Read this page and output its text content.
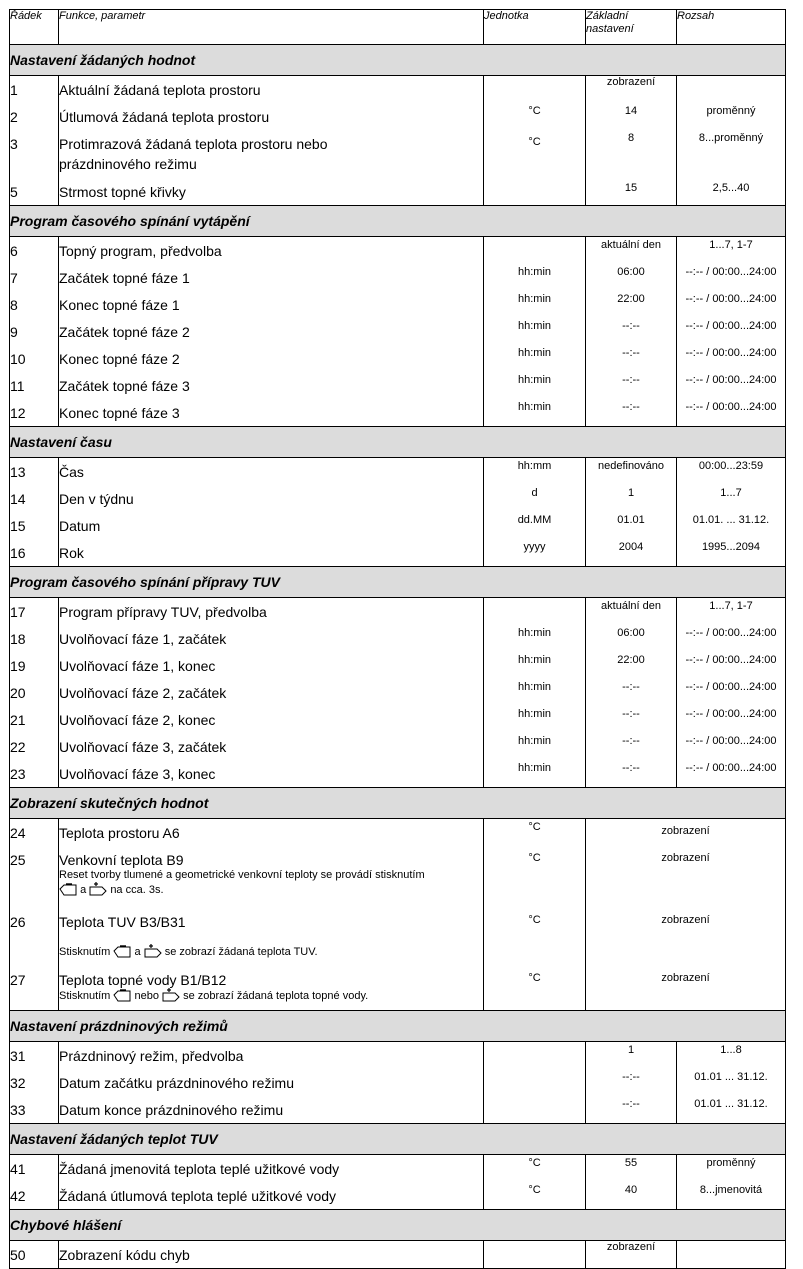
Řádek	Funkce, parametr	Jednotka	Základní nastavení	Rozsah
Nastavení žádaných hodnot				
1	Aktuální žádaná teplota prostoru		zobrazení	
2	Útlumová žádaná teplota prostoru	°C	14	proměnný
3	Protimrazová žádaná teplota prostoru nebo
prázdninového režimu	°C	8	8...proměnný
5	Strmost topné křivky		15	2,5...40
Program časového spínání vytápění				
6	Topný program, předvolba		aktuální den	1...7, 1-7
7	Začátek topné fáze 1	hh:min	06:00	--:-- / 00:00...24:00
8	Konec topné fáze 1	hh:min	22:00	--:-- / 00:00...24:00
9	Začátek topné fáze 2	hh:min	--:--	--:-- / 00:00...24:00
10	Konec topné fáze 2	hh:min	--:--	--:-- / 00:00...24:00
11	Začátek topné fáze 3	hh:min	--:--	--:-- / 00:00...24:00
12	Konec topné fáze 3	hh:min	--:--	--:-- / 00:00...24:00
Nastavení času				
13	Čas	hh:mm	nedefinováno	00:00...23:59
14	Den v týdnu	d	1	1...7
15	Datum	dd.MM	01.01	01.01. ... 31.12.
16	Rok	yyyy	2004	1995...2094
Program časového spínání přípravy TUV				
17	Program přípravy TUV, předvolba		aktuální den	1...7, 1-7
18	Uvolňovací fáze 1, začátek	hh:min	06:00	--:-- / 00:00...24:00
19	Uvolňovací fáze 1, konec	hh:min	22:00	--:-- / 00:00...24:00
20	Uvolňovací fáze 2, začátek	hh:min	--:--	--:-- / 00:00...24:00
21	Uvolňovací fáze 2, konec	hh:min	--:--	--:-- / 00:00...24:00
22	Uvolňovací fáze 3, začátek	hh:min	--:--	--:-- / 00:00...24:00
23	Uvolňovací fáze 3, konec	hh:min	--:--	--:-- / 00:00...24:00
Zobrazení skutečných hodnot				
24	Teplota prostoru A6	°C	zobrazení	
25	Venkovní teplota B9
Reset tvorby tlumené a geometrické venkovní teploty se provádí stisknutím
a na cca. 3s.	°C	zobrazení	
26	Teplota TUV B3/B31
Stisknutím a se zobrazí žádaná teplota TUV.	°C	zobrazení	
27	Teplota topné vody B1/B12
Stisknutím nebo se zobrazí žádaná teplota topné vody.	°C	zobrazení	
Nastavení prázdninových režimů				
31	Prázdninový režim, předvolba		1	1...8
32	Datum začátku prázdninového režimu		--:--	01.01 ... 31.12.
33	Datum konce prázdninového režimu		--:--	01.01 ... 31.12.
Nastavení žádaných teplot TUV				
41	Žádaná jmenovitá teplota teplé užitkové vody	°C	55	proměnný
42	Žádaná útlumová teplota teplé užitkové vody	°C	40	8...jmenovitá
Chybové hlášení				
50	Zobrazení kódu chyb		zobrazení	
